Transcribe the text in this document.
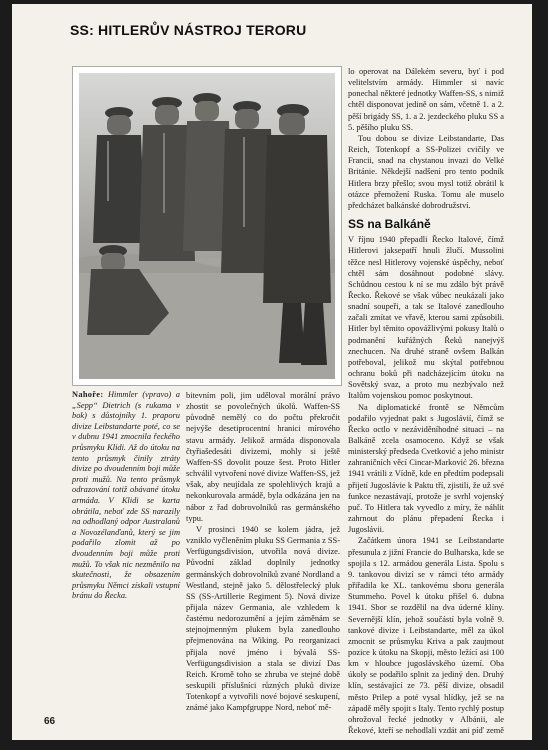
SS: HITLERŮV NÁSTROJ TERORU
Nahoře: Himmler (vpravo) a „Sepp“ Dietrich (s rukama v bok) s důstojníky 1. praporu divize Leibstandarte poté, co se v dubnu 1941 zmocnila řeckého průsmyku Klidi. Až do útoku na tento průsmyk činily ztráty divize po dvoudenním boji může proti mužů. Na tento průsmyk odrazování totiž obávané útoku armáda. V Klidi se karta obrátila, neboť zde SS narazily na odhodlaný odpor Australanů a Novozélanďanů, který se jim podařilo zlomit až po dvoudenním boji může proti mužů. To však nic nezměnilo na skutečnosti, že obsazením průsmyku Němci získali vstupní bránu do Řecka.

bitevním poli, jim uděloval morální právo zhostit se povolečných úkolů. Waffen-SS původně nemělý co do počtu překročit nejvýše desetiprocentní hranici mírového stavu armády. Jelikož armáda disponovala čtyřiašedesáti divizemi, mohly si ještě Waffen-SS dovolit pouze šest. Proto Hitler schválil vytvoření nové divize Waffen-SS, jež však, aby neujídala ze spolehlivých krajů a nekonkurovala armádě, byla odkázána jen na nábor z řad dobrovolníků ras germánského typu.

V prosinci 1940 se kolem jádra, jež vzniklo vyčleněním pluku SS Germania z SS-Verfügungsdivision, utvořila nová divize. Původní základ doplnily jednotky germánských dobrovolníků zvané Nordland a Westland, stejně jako 5. dělostřelecký pluk SS (SS-Artillerie Regiment 5). Nová divize přijala název Germania, ale vzhledem k častému nedorozumění a jejím záměnám se stejnojmenným plukem byla zanedlouho přejmenována na Wiking. Po reorganizaci přijala nové jméno i bývalá SS-Verfügungsdivision a stala se divizí Das Reich. Kromě toho se zhruba ve stejné době seskupili příslušníci různých pluků divize Totenkopf a vytvořili nové bojové seskupení, známé jako Kampfgruppe Nord, neboť mě-

lo operovat na Dálekém severu, byť i pod velitelstvím armády. Himmler si navíc ponechal některé jednotky Waffen-SS, s nimiž chtěl disponovat jedině on sám, včetně 1. a 2. pěší brigády SS, 1. a 2. jezdeckého pluku SS a 5. pěšího pluku SS.

Tou dobou se divize Leibstandarte, Das Reich, Totenkopf a SS-Polizei cvičily ve Francii, snad na chystanou invazi do Velké Británie. Někdejší nadšení pro tento podnik Hitlera brzy přešlo; svou mysl totiž obrátil k otázce přemožení Ruska. Tomu ale muselo předcházet balkánské dobrodružství.

SS na Balkáně

V říjnu 1940 přepadli Řecko Italové, čímž Hitlerovi jaksepatří hnuli žlučí. Mussolini těžce nesl Hitlerovy vojenské úspěchy, neboť chtěl sám dosáhnout podobné slávy. Schůdnou cestou k ní se mu zdálo být právě Řecko. Řekové se však vůbec neukázali jako snadní soupeři, a tak se Italové zanedlouho začali zmítat ve vřavě, kterou sami způsobili. Hitler byl těmito opovážlivými pokusy Italů o podmanění kuřážných Řeků nanejvýš znechucen. Na druhé straně ovšem Balkán potřeboval, jelikož mu skýtal potřebnou ochranu boků při nadcházejícím útoku na Sovětský svaz, a proto mu nezbývalo než Italům vojenskou pomoc poskytnout.

Na diplomatické frontě se Němcům podařilo vyjednat pakt s Jugoslávií, čímž se Řecko octlo v nezáviděníhodné situaci – na Balkáně zcela osamoceno. Když se však ministerský předseda Cvetković a jeho ministr zahraničních věcí Cincar-Marković 26. března 1941 vrátili z Vídně, kde en předtím podepsali přijetí Jugoslávie k Paktu tří, zjistili, že už své funkce nezastávají, protože je svrhl vojenský puč. To Hitlera tak vyvedlo z míry, že náhlit zahrnout do plánu přepadení Řecka i Jugoslávii.

Začátkem února 1941 se Leibstandarte přesunula z jižní Francie do Bulharska, kde se spojila s 12. armádou generála Lista. Spolu s 9. tankovou divizí se v rámci této armády přiřadila ke XL. tankovému sboru generála Stummeho. Povel k útoku přišel 6. dubna 1941. Sbor se rozdělil na dva úderné klíny. Severnější klín, jehož součástí byla volně 9. tankové divize i Leibstandarte, měl za úkol zmocnit se průsmyku Kriva a pak zaujmout pozice k útoku na Skopji, město ležící asi 100 km v hloubce jugoslávského území. Oba úkoly se podařilo splnit za jediný den. Druhý klín, sestávající ze 73. pěší divize, obsadil město Prilep a poté vysal hlídky, jež se na západě měly spojit s Italy. Tento rychlý postup ohrožoval řecké jednotky v Albánii, ale Řekové, kteří se nehodlali vzdát ani píď země ve pro-

66
